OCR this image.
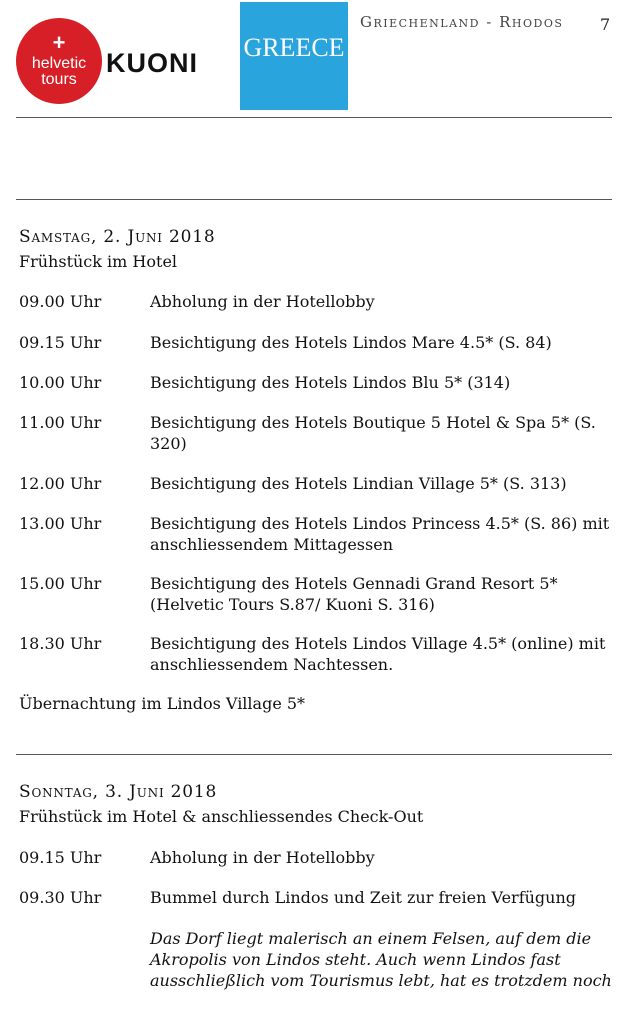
+
helvetic
tours
KUONI
GREECE
Griechenland - Rhodos 7
Samstag, 2. Juni 2018
Frühstück im Hotel
09.00 Uhr	Abholung in der Hotellobby
09.15 Uhr	Besichtigung des Hotels Lindos Mare 4.5* (S. 84)
10.00 Uhr	Besichtigung des Hotels Lindos Blu 5* (314)
11.00 Uhr	Besichtigung des Hotels Boutique 5 Hotel & Spa 5* (S. 320)
12.00 Uhr	Besichtigung des Hotels Lindian Village 5* (S. 313)
13.00 Uhr	Besichtigung des Hotels Lindos Princess 4.5* (S. 86) mit anschliessendem Mittagessen
15.00 Uhr	Besichtigung des Hotels Gennadi Grand Resort 5* (Helvetic Tours S.87/ Kuoni S. 316)
18.30 Uhr	Besichtigung des Hotels Lindos Village 4.5* (online) mit anschliessendem Nachtessen.
Übernachtung im Lindos Village 5*
Sonntag, 3. Juni 2018
Frühstück im Hotel & anschliessendes Check-Out
09.15 Uhr	Abholung in der Hotellobby
09.30 Uhr	Bummel durch Lindos und Zeit zur freien Verfügung
Das Dorf liegt malerisch an einem Felsen, auf dem die Akropolis von Lindos steht. Auch wenn Lindos fast ausschließlich vom Tourismus lebt, hat es trotzdem noch
